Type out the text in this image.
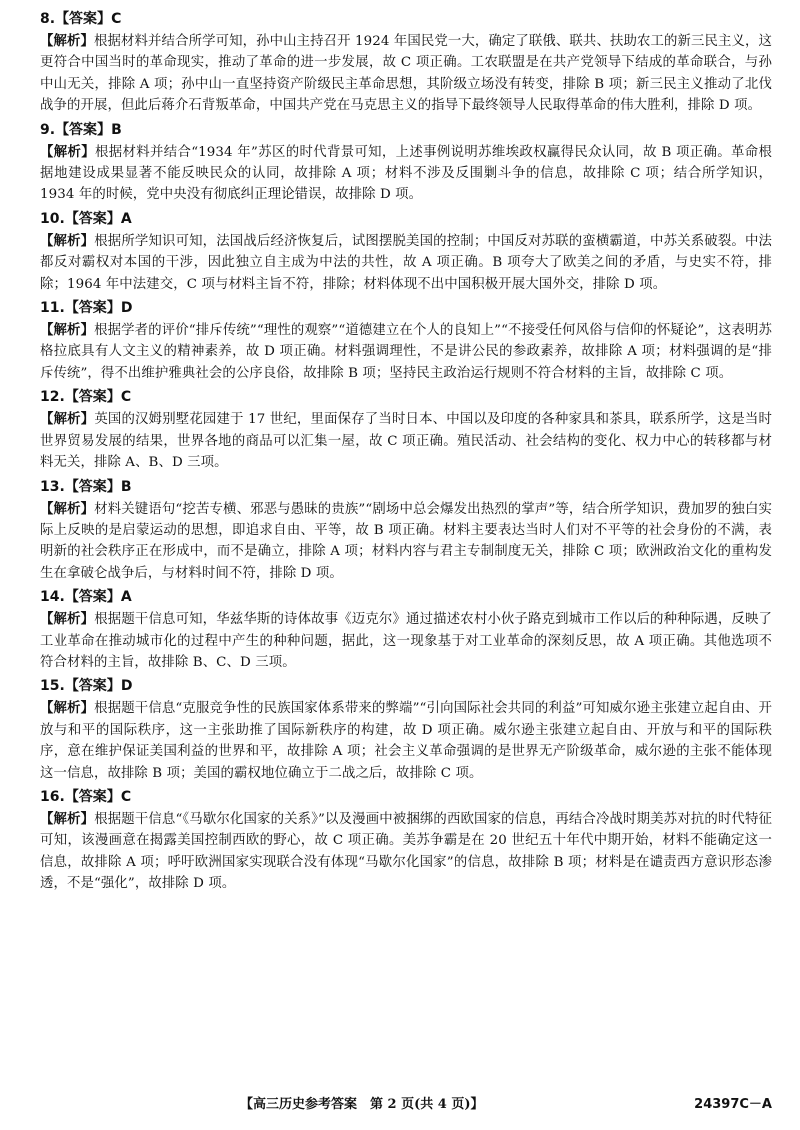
8.【答案】C

【解析】根据材料并结合所学可知，孙中山主持召开 1924 年国民党一大，确定了联俄、联共、扶助农工的新三民主义，这更符合中国当时的革命现实，推动了革命的进一步发展，故 C 项正确。工农联盟是在共产党领导下结成的革命联合，与孙中山无关，排除 A 项；孙中山一直坚持资产阶级民主革命思想，其阶级立场没有转变，排除 B 项；新三民主义推动了北伐战争的开展，但此后蒋介石背叛革命，中国共产党在马克思主义的指导下最终领导人民取得革命的伟大胜利，排除 D 项。

9.【答案】B

【解析】根据材料并结合“1934 年”苏区的时代背景可知，上述事例说明苏维埃政权赢得民众认同，故 B 项正确。革命根据地建设成果显著不能反映民众的认同，故排除 A 项；材料不涉及反围剿斗争的信息，故排除 C 项；结合所学知识，1934 年的时候，党中央没有彻底纠正理论错误，故排除 D 项。

10.【答案】A

【解析】根据所学知识可知，法国战后经济恢复后，试图摆脱美国的控制；中国反对苏联的蛮横霸道，中苏关系破裂。中法都反对霸权对本国的干涉，因此独立自主成为中法的共性，故 A 项正确。B 项夸大了欧美之间的矛盾，与史实不符，排除；1964 年中法建交，C 项与材料主旨不符，排除；材料体现不出中国积极开展大国外交，排除 D 项。

11.【答案】D

【解析】根据学者的评价“排斥传统”“理性的观察”“道德建立在个人的良知上”“不接受任何风俗与信仰的怀疑论”，这表明苏格拉底具有人文主义的精神素养，故 D 项正确。材料强调理性，不是讲公民的参政素养，故排除 A 项；材料强调的是“排斥传统”，得不出维护雅典社会的公序良俗，故排除 B 项；坚持民主政治运行规则不符合材料的主旨，故排除 C 项。

12.【答案】C

【解析】英国的汉姆别墅花园建于 17 世纪，里面保存了当时日本、中国以及印度的各种家具和茶具，联系所学，这是当时世界贸易发展的结果，世界各地的商品可以汇集一屋，故 C 项正确。殖民活动、社会结构的变化、权力中心的转移都与材料无关，排除 A、B、D 三项。

13.【答案】B

【解析】材料关键语句“挖苦专横、邪恶与愚昧的贵族”“剧场中总会爆发出热烈的掌声”等，结合所学知识，费加罗的独白实际上反映的是启蒙运动的思想，即追求自由、平等，故 B 项正确。材料主要表达当时人们对不平等的社会身份的不满，表明新的社会秩序正在形成中，而不是确立，排除 A 项；材料内容与君主专制制度无关，排除 C 项；欧洲政治文化的重构发生在拿破仑战争后，与材料时间不符，排除 D 项。

14.【答案】A

【解析】根据题干信息可知，华兹华斯的诗体故事《迈克尔》通过描述农村小伙子路克到城市工作以后的种种际遇，反映了工业革命在推动城市化的过程中产生的种种问题，据此，这一现象基于对工业革命的深刻反思，故 A 项正确。其他选项不符合材料的主旨，故排除 B、C、D 三项。

15.【答案】D

【解析】根据题干信息“克服竞争性的民族国家体系带来的弊端”“引向国际社会共同的利益”可知威尔逊主张建立起自由、开放与和平的国际秩序，这一主张助推了国际新秩序的构建，故 D 项正确。威尔逊主张建立起自由、开放与和平的国际秩序，意在维护保证美国利益的世界和平，故排除 A 项；社会主义革命强调的是世界无产阶级革命，威尔逊的主张不能体现这一信息，故排除 B 项；美国的霸权地位确立于二战之后，故排除 C 项。

16.【答案】C

【解析】根据题干信息“《马歇尔化国家的关系》”以及漫画中被捆绑的西欧国家的信息，再结合冷战时期美苏对抗的时代特征可知，该漫画意在揭露美国控制西欧的野心，故 C 项正确。美苏争霸是在 20 世纪五十年代中期开始，材料不能确定这一信息，故排除 A 项；呼吁欧洲国家实现联合没有体现“马歇尔化国家”的信息，故排除 B 项；材料是在谴责西方意识形态渗透，不是“强化”，故排除 D 项。

【高三历史参考答案　第 2 页(共 4 页)】	24397C－A
